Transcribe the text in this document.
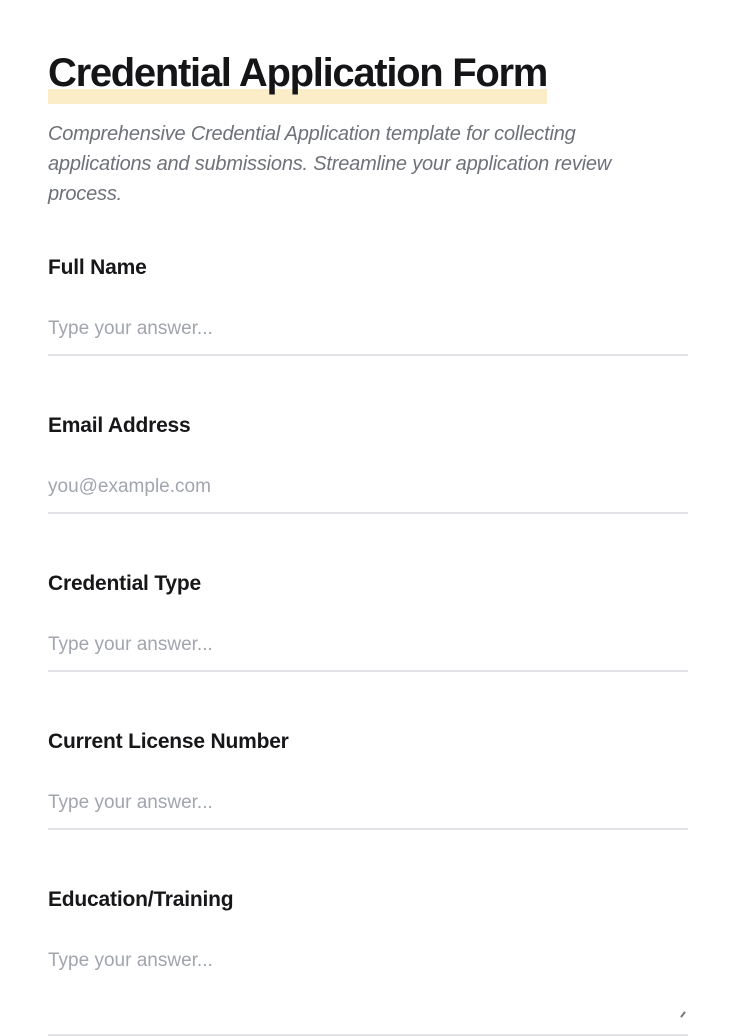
Credential Application Form
Comprehensive Credential Application template for collecting
applications and submissions. Streamline your application review
process.
Full Name
Type your answer...
Email Address
you@example.com
Credential Type
Type your answer...
Current License Number
Type your answer...
Education/Training
Type your answer...
